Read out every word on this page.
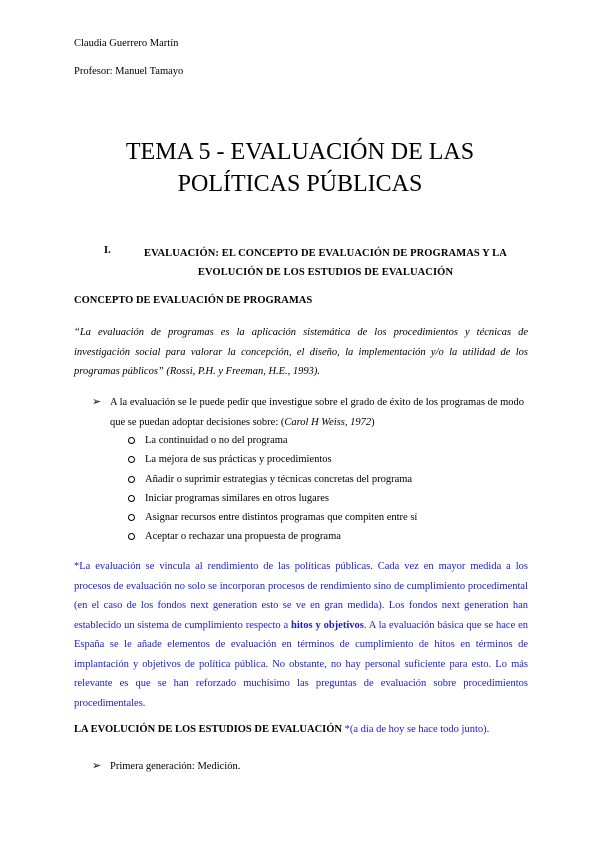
Claudia Guerrero Martín
Profesor: Manuel Tamayo
TEMA 5 - EVALUACIÓN DE LAS
POLÍTICAS PÚBLICAS
I.	EVALUACIÓN: EL CONCEPTO DE EVALUACIÓN DE PROGRAMAS Y LA
EVOLUCIÓN DE LOS ESTUDIOS DE EVALUACIÓN
CONCEPTO DE EVALUACIÓN DE PROGRAMAS
“La evaluación de programas es la aplicación sistemática de los procedimientos y técnicas de investigación social para valorar la concepción, el diseño, la implementación y/o la utilidad de los programas públicos” (Rossi, P.H. y Freeman, H.E., 1993).
➢ A la evaluación se le puede pedir que investigue sobre el grado de éxito de los programas de modo que se puedan adoptar decisiones sobre: (Carol H Weiss, 1972)
La continuidad o no del programa
La mejora de sus prácticas y procedimientos
Añadir o suprimir estrategias y técnicas concretas del programa
Iniciar programas similares en otros lugares
Asignar recursos entre distintos programas que compiten entre sí
Aceptar o rechazar una propuesta de programa
*La evaluación se vincula al rendimiento de las políticas públicas. Cada vez en mayor medida a los procesos de evaluación no solo se incorporan procesos de rendimiento sino de cumplimiento procedimental (en el caso de los fondos next generation esto se ve en gran medida). Los fondos next generation han establecido un sistema de cumplimiento respecto a hitos y objetivos. A la evaluación básica que se hace en España se le añade elementos de evaluación en términos de cumplimiento de hitos en términos de implantación y objetivos de política pública. No obstante, no hay personal suficiente para esto. Lo más relevante es que se han reforzado muchísimo las preguntas de evaluación sobre procedimientos procedimentales.
LA EVOLUCIÓN DE LOS ESTUDIOS DE EVALUACIÓN *(a día de hoy se hace todo junto).
➢ Primera generación: Medición.
